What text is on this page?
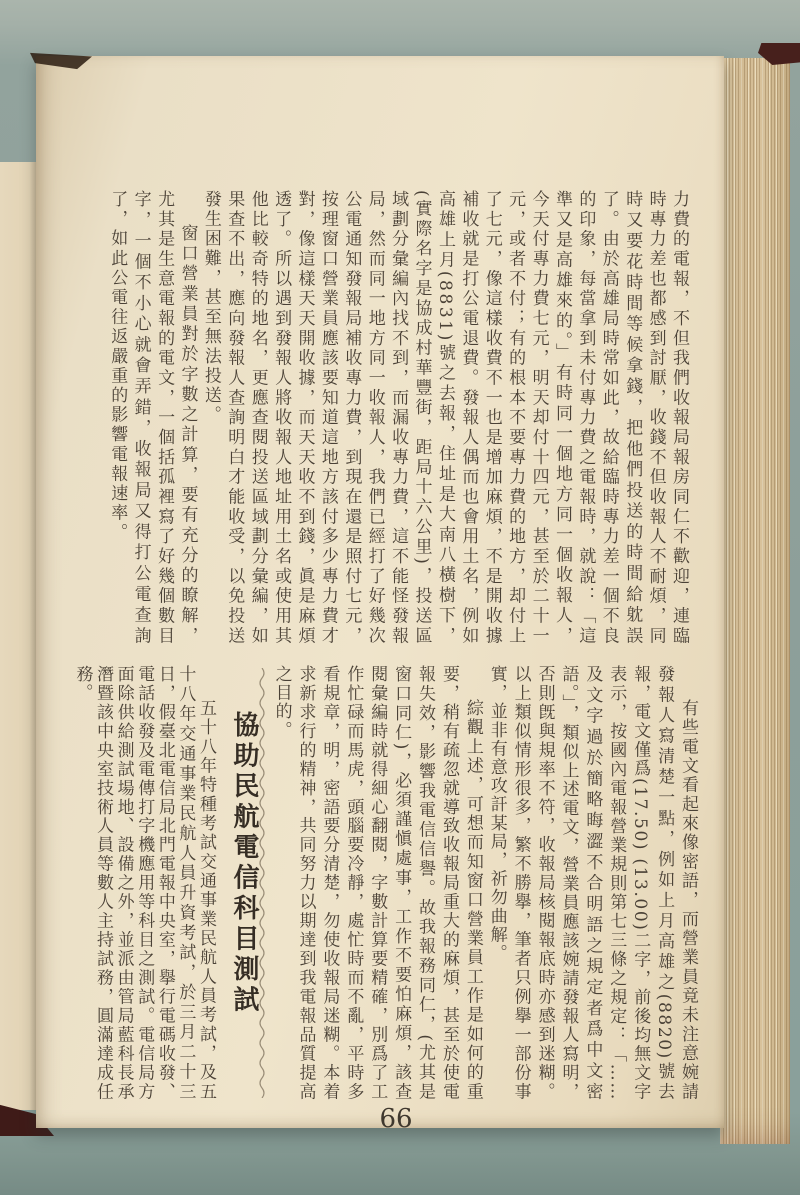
力費的電報，不但我們收報局報房同仁不歡迎，連臨時專力差也都感到討厭，收錢不但收報人不耐煩，同時又要花時間等候拿錢，把他們投送的時間給躭誤了。由於高雄局時常如此，故給臨時專力差一個不良的印象，每當拿到未付專力費之電報時，就說：「這準又是高雄來的。」有時同一個地方同一個收報人，今天付專力費七元，明天却付十四元，甚至於二十一元，或者不付；有的根本不要專力費的地方，却付上了七元，像這樣收費不一也是增加麻煩，不是開收據補收就是打公電退費。發報人偶而也會用土名，例如高雄上月(8831)號之去報，住址是大南八橫樹下，(實際名字是協成村華豐街，距局十六公里)，投送區域劃分彙編內找不到，而漏收專力費，這不能怪發報局，然而同一地方同一收報人，我們已經打了好幾次公電通知發報局補收專力費，到現在還是照付七元，按理窗口營業員應該要知道這地方該付多少專力費才對，像這樣天天開收據，而天天收不到錢，眞是麻煩透了。所以遇到發報人將收報人地址用土名或使用其他比較奇特的地名，更應查閱投送區域劃分彙編，如果查不出，應向發報人查詢明白才能收受，以免投送發生困難，甚至無法投送。

窗口營業員對於字數之計算，要有充分的瞭解，尤其是生意電報的電文，一個括孤裡寫了好幾個數目字，一個不小心就會弄錯，收報局又得打公電查詢了，如此公電往返嚴重的影響電報速率。

有些電文看起來像密語，而營業員竟未注意婉請發報人寫清楚一點，例如上月高雄之(8820)號去報，電文僅爲(17.50) (13.00)二字，前後均無文字表示，按國內電報營業規則第七三條之規定：「……及文字過於簡略晦澀不合明語之規定者爲中文密語。」，類似上述電文，營業員應該婉請發報人寫明，否則旣與規率不符，收報局核閱報底時亦感到迷糊。以上類似情形很多，繁不勝擧，筆者只例擧一部份事實，並非有意攻訐某局，祈勿曲解。

綜觀上述，可想而知窗口營業員工作是如何的重要，稍有疏忽就導致收報局重大的麻煩，甚至於使電報失效，影響我電信信譽。故我報務同仁，(尤其是窗口同仁)，必須謹愼處事，工作不要怕麻煩，該查閱彙編時就得細心翻閱，字數計算要精確，別爲了工作忙碌而馬虎，頭腦要冷靜，處忙時而不亂，平時多看規章，明，密語要分清楚，勿使收報局迷糊。本着求新求行的精神，共同努力以期達到我電報品質提高之目的。

協助民航電信科目測試

五十八年特種考試交通事業民航人員考試，及五十八年交通事業民航人員升資考試，於三月二十三日，假臺北電信局北門電報中央室，擧行電碼收發、電話收發及電傳打字機應用等科目之測試。電信局方面除供給測試場地、設備之外，並派由管局藍科長承潛暨該中央室技術人員等數人主持試務，圓滿達成任務。

66
